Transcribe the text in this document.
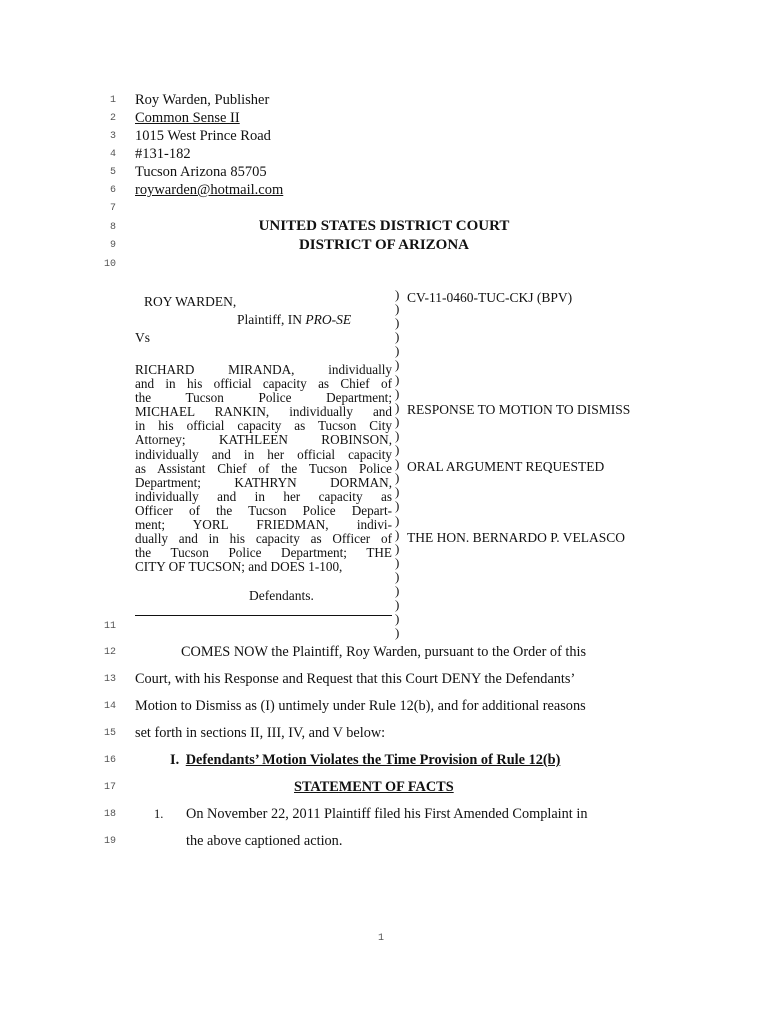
1
2
3
4
5
6
7
8
9
10
11
12
13
14
15
16
17
18
19
Roy Warden, Publisher
Common Sense II
1015 West Prince Road
#131-182
Tucson Arizona 85705
roywarden@hotmail.com
UNITED STATES DISTRICT COURT
DISTRICT OF ARIZONA
ROY WARDEN,
Plaintiff, IN PRO-SE
Vs
RICHARD MIRANDA, individually
and in his official capacity as Chief of
the Tucson Police Department;
MICHAEL RANKIN, individually and
in his official capacity as Tucson City
Attorney; KATHLEEN ROBINSON,
individually and in her official capacity
as Assistant Chief of the Tucson Police
Department; KATHRYN DORMAN,
individually and in her capacity as
Officer of the Tucson Police Depart-
ment; YORL FRIEDMAN, indivi-
dually and in his capacity as Officer of
the Tucson Police Department; THE
CITY OF TUCSON; and DOES 1-100,
Defendants.
)
)
)
)
)
)
)
)
)
)
)
)
)
)
)
)
)
)
)
)
)
)
)
)
)
CV-11-0460-TUC-CKJ (BPV)
RESPONSE TO MOTION TO DISMISS
ORAL ARGUMENT REQUESTED
THE HON. BERNARDO P. VELASCO
COMES NOW the Plaintiff, Roy Warden, pursuant to the Order of this
Court, with his Response and Request that this Court DENY the Defendants’
Motion to Dismiss as (I) untimely under Rule 12(b), and for additional reasons
set forth in sections II, III, IV, and V below:
I. Defendants’ Motion Violates the Time Provision of Rule 12(b)
STATEMENT OF FACTS
1. On November 22, 2011 Plaintiff filed his First Amended Complaint in
the above captioned action.
1
